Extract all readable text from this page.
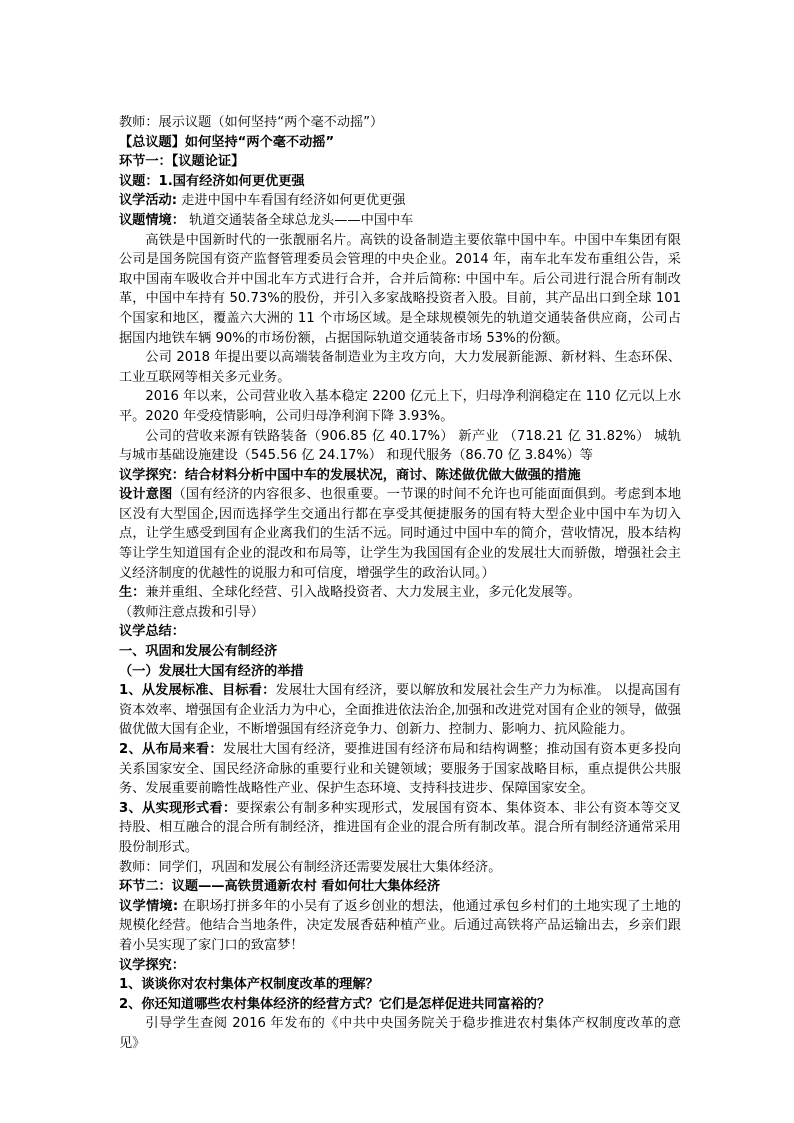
教师：展示议题（如何坚持“两个毫不动摇”）

【总议题】如何坚持“两个毫不动摇”

环节一：【议题论证】

议题：1.国有经济如何更优更强

议学活动: 走进中国中车看国有经济如何更优更强

议题情境： 轨道交通装备全球总龙头——中国中车

高铁是中国新时代的一张靓丽名片。高铁的设备制造主要依靠中国中车。中国中车集团有限公司是国务院国有资产监督管理委员会管理的中央企业。2014 年，南车北车发布重组公告，采取中国南车吸收合并中国北车方式进行合并，合并后简称: 中国中车。后公司进行混合所有制改革，中国中车持有 50.73%的股份，并引入多家战略投资者入股。目前，其产品出口到全球 101 个国家和地区，覆盖六大洲的 11 个市场区域。是全球规模领先的轨道交通装备供应商，公司占据国内地铁车辆 90%的市场份额，占据国际轨道交通装备市场 53%的份额。

公司 2018 年提出要以高端装备制造业为主攻方向，大力发展新能源、新材料、生态环保、工业互联网等相关多元业务。

2016 年以来，公司营业收入基本稳定 2200 亿元上下，归母净利润稳定在 110 亿元以上水平。2020 年受疫情影响，公司归母净利润下降 3.93%。

公司的营收来源有铁路装备（906.85 亿 40.17%） 新产业 （718.21 亿 31.82%） 城轨与城市基础设施建设（545.56 亿 24.17%） 和现代服务（86.70 亿 3.84%）等

议学探究：结合材料分析中国中车的发展状况，商讨、陈述做优做大做强的措施

设计意图（国有经济的内容很多、也很重要。一节课的时间不允许也可能面面俱到。考虑到本地区没有大型国企,因而选择学生交通出行都在享受其便捷服务的国有特大型企业中国中车为切入点，让学生感受到国有企业离我们的生活不远。同时通过中国中车的简介，营收情况，股本结构等让学生知道国有企业的混改和布局等，让学生为我国国有企业的发展壮大而骄傲，增强社会主义经济制度的优越性的说服力和可信度，增强学生的政治认同。）

生：兼并重组、全球化经营、引入战略投资者、大力发展主业，多元化发展等。

（教师注意点拨和引导）

议学总结：

一、巩固和发展公有制经济

（一）发展壮大国有经济的举措

1、从发展标准、目标看：发展壮大国有经济，要以解放和发展社会生产力为标准。 以提高国有资本效率、增强国有企业活力为中心，全面推进依法治企,加强和改进党对国有企业的领导，做强做优做大国有企业，不断增强国有经济竞争力、创新力、控制力、影响力、抗风险能力。

2、从布局来看：发展壮大国有经济，要推进国有经济布局和结构调整；推动国有资本更多投向关系国家安全、国民经济命脉的重要行业和关键领域；要服务于国家战略目标，重点提供公共服务、发展重要前瞻性战略性产业、保护生态环境、支持科技进步、保障国家安全。

3、从实现形式看：要探索公有制多种实现形式，发展国有资本、集体资本、非公有资本等交叉持股、相互融合的混合所有制经济，推进国有企业的混合所有制改革。混合所有制经济通常采用股份制形式。

教师：同学们，巩固和发展公有制经济还需要发展壮大集体经济。

环节二：议题——高铁贯通新农村 看如何壮大集体经济

议学情境: 在职场打拼多年的小吴有了返乡创业的想法，他通过承包乡村们的土地实现了土地的规模化经营。他结合当地条件，决定发展香菇种植产业。后通过高铁将产品运输出去，乡亲们跟着小吴实现了家门口的致富梦！

议学探究：

1、谈谈你对农村集体产权制度改革的理解？

2、你还知道哪些农村集体经济的经营方式？它们是怎样促进共同富裕的？

引导学生查阅 2016 年发布的《中共中央国务院关于稳步推进农村集体产权制度改革的意见》
